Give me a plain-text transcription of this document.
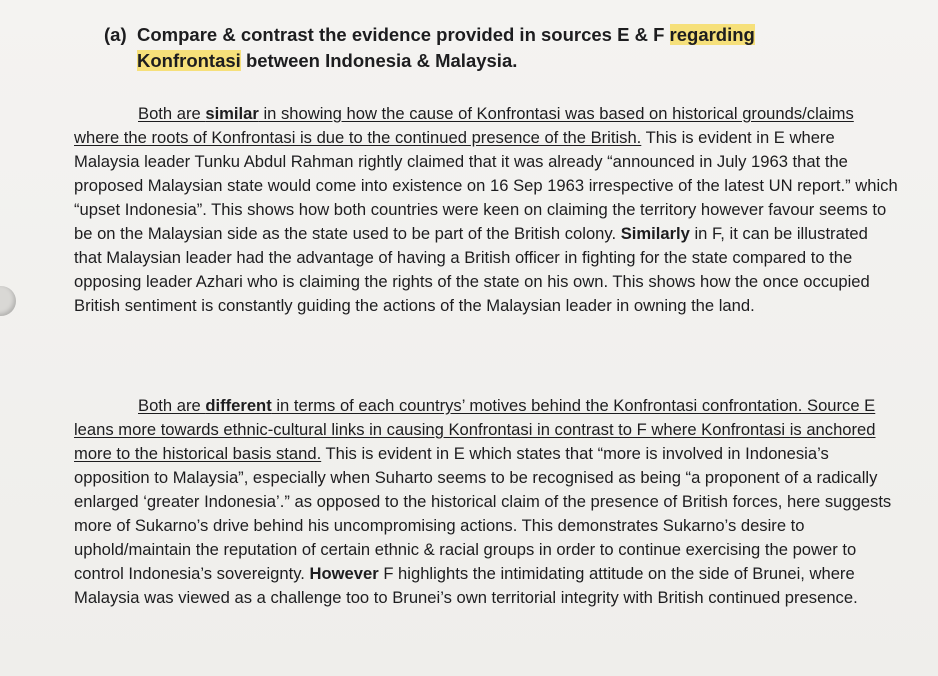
(a) Compare & contrast the evidence provided in sources E & F regarding
Konfrontasi between Indonesia & Malaysia.

Both are similar in showing how the cause of Konfrontasi was based on historical grounds/claims where the roots of Konfrontasi is due to the continued presence of the British. This is evident in E where Malaysia leader Tunku Abdul Rahman rightly claimed that it was already “announced in July 1963 that the proposed Malaysian state would come into existence on 16 Sep 1963 irrespective of the latest UN report.” which “upset Indonesia”. This shows how both countries were keen on claiming the territory however favour seems to be on the Malaysian side as the state used to be part of the British colony. Similarly in F, it can be illustrated that Malaysian leader had the advantage of having a British officer in fighting for the state compared to the opposing leader Azhari who is claiming the rights of the state on his own. This shows how the once occupied British sentiment is constantly guiding the actions of the Malaysian leader in owning the land.

Both are different in terms of each countrys’ motives behind the Konfrontasi confrontation. Source E leans more towards ethnic-cultural links in causing Konfrontasi in contrast to F where Konfrontasi is anchored more to the historical basis stand. This is evident in E which states that “more is involved in Indonesia’s opposition to Malaysia”, especially when Suharto seems to be recognised as being “a proponent of a radically enlarged ‘greater Indonesia’.” as opposed to the historical claim of the presence of British forces, here suggests more of Sukarno’s drive behind his uncompromising actions. This demonstrates Sukarno’s desire to uphold/maintain the reputation of certain ethnic & racial groups in order to continue exercising the power to control Indonesia’s sovereignty. However F highlights the intimidating attitude on the side of Brunei, where Malaysia was viewed as a challenge too to Brunei’s own territorial integrity with British continued presence.
